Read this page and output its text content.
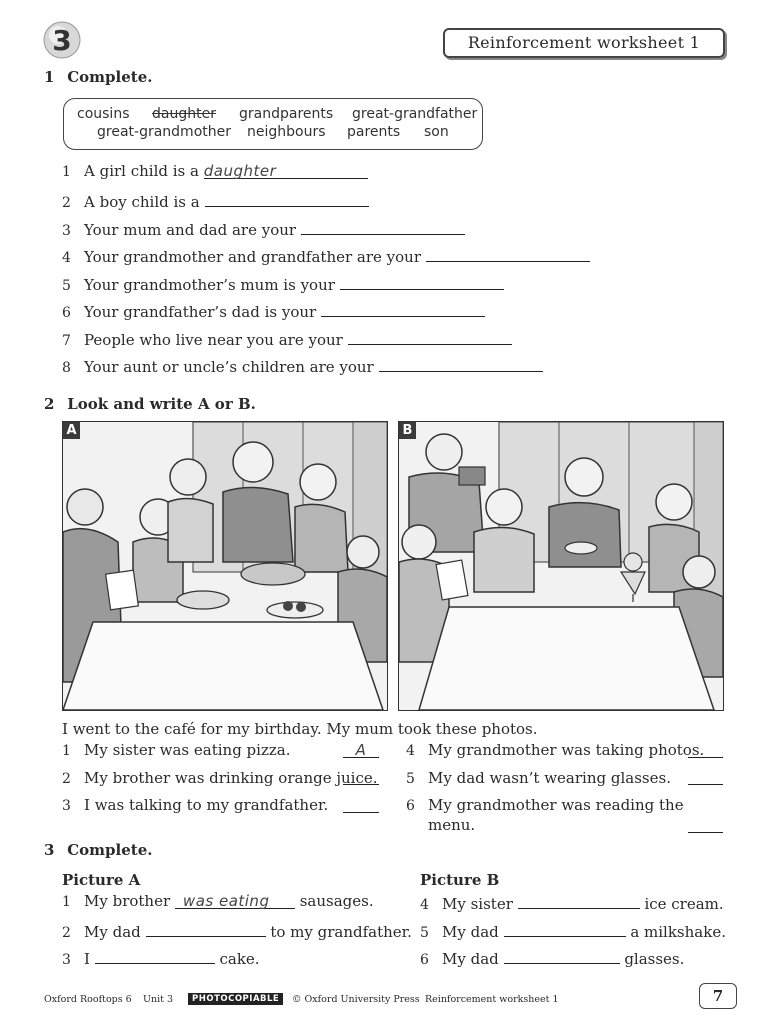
3	Reinforcement worksheet 1
1 Complete.
cousins daughter grandparents great-grandfather
great-grandmother neighbours parents son
1 A girl child is a daughter
2 A boy child is a
3 Your mum and dad are your
4 Your grandmother and grandfather are your
5 Your grandmother’s mum is your
6 Your grandfather’s dad is your
7 People who live near you are your
8 Your aunt or uncle’s children are your
2 Look and write A or B.
A	B
I went to the café for my birthday. My mum took these photos.
1 My sister was eating pizza.	A
2 My brother was drinking orange juice.
3 I was talking to my grandfather.
4 My grandmother was taking photos.
5 My dad wasn’t wearing glasses.
6 My grandmother was reading the
menu.
3 Complete.
Picture A	Picture B
1 My brother was eating sausages.
2 My dad	to my grandfather.
3 I	cake.
4 My sister	ice cream.
5 My dad	a milkshake.
6 My dad	glasses.
Oxford Rooftops 6 Unit 3	PHOTOCOPIABLE	© Oxford University Press Reinforcement worksheet 1	7
